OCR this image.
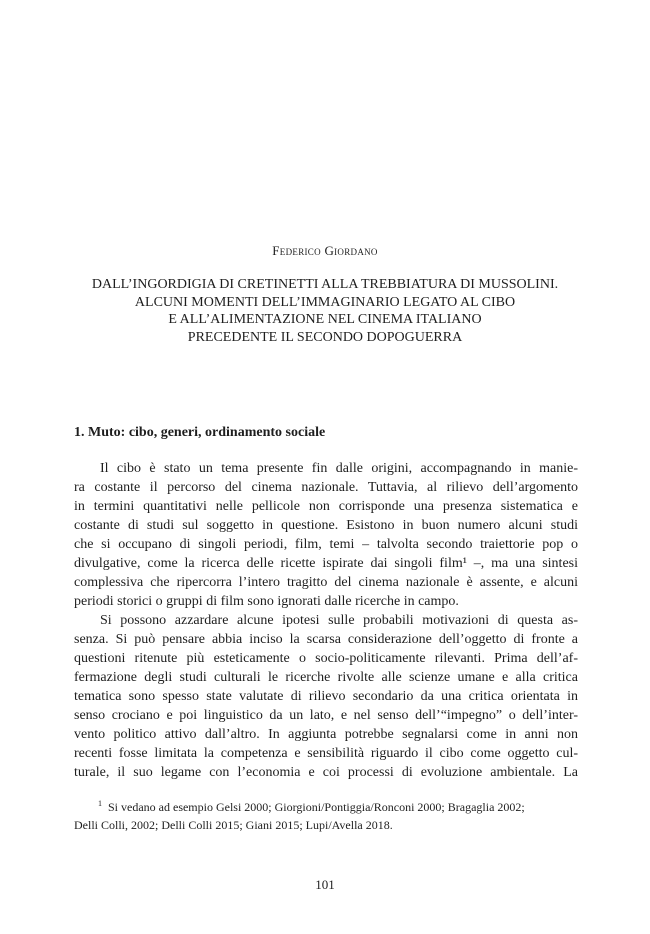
Federico Giordano
DALL’INGORDIGIA DI CRETINETTI ALLA TREBBIATURA DI MUSSOLINI.
ALCUNI MOMENTI DELL’IMMAGINARIO LEGATO AL CIBO
E ALL’ALIMENTAZIONE NEL CINEMA ITALIANO
PRECEDENTE IL SECONDO DOPOGUERRA
1. Muto: cibo, generi, ordinamento sociale
Il cibo è stato un tema presente fin dalle origini, accompagnando in manie-
ra costante il percorso del cinema nazionale. Tuttavia, al rilievo dell’argomento
in termini quantitativi nelle pellicole non corrisponde una presenza sistematica e
costante di studi sul soggetto in questione. Esistono in buon numero alcuni studi
che si occupano di singoli periodi, film, temi – talvolta secondo traiettorie pop o
divulgative, come la ricerca delle ricette ispirate dai singoli film¹ –, ma una sintesi
complessiva che ripercorra l’intero tragitto del cinema nazionale è assente, e alcuni
periodi storici o gruppi di film sono ignorati dalle ricerche in campo.
Si possono azzardare alcune ipotesi sulle probabili motivazioni di questa as-
senza. Si può pensare abbia inciso la scarsa considerazione dell’oggetto di fronte a
questioni ritenute più esteticamente o socio-politicamente rilevanti. Prima dell’af-
fermazione degli studi culturali le ricerche rivolte alle scienze umane e alla critica
tematica sono spesso state valutate di rilievo secondario da una critica orientata in
senso crociano e poi linguistico da un lato, e nel senso dell’“impegno” o dell’inter-
vento politico attivo dall’altro. In aggiunta potrebbe segnalarsi come in anni non
recenti fosse limitata la competenza e sensibilità riguardo il cibo come oggetto cul-
turale, il suo legame con l’economia e coi processi di evoluzione ambientale. La
$^1$ Si vedano ad esempio Gelsi 2000; Giorgioni/Pontiggia/Ronconi 2000; Bragaglia 2002;
Delli Colli, 2002; Delli Colli 2015; Giani 2015; Lupi/Avella 2018.
101
